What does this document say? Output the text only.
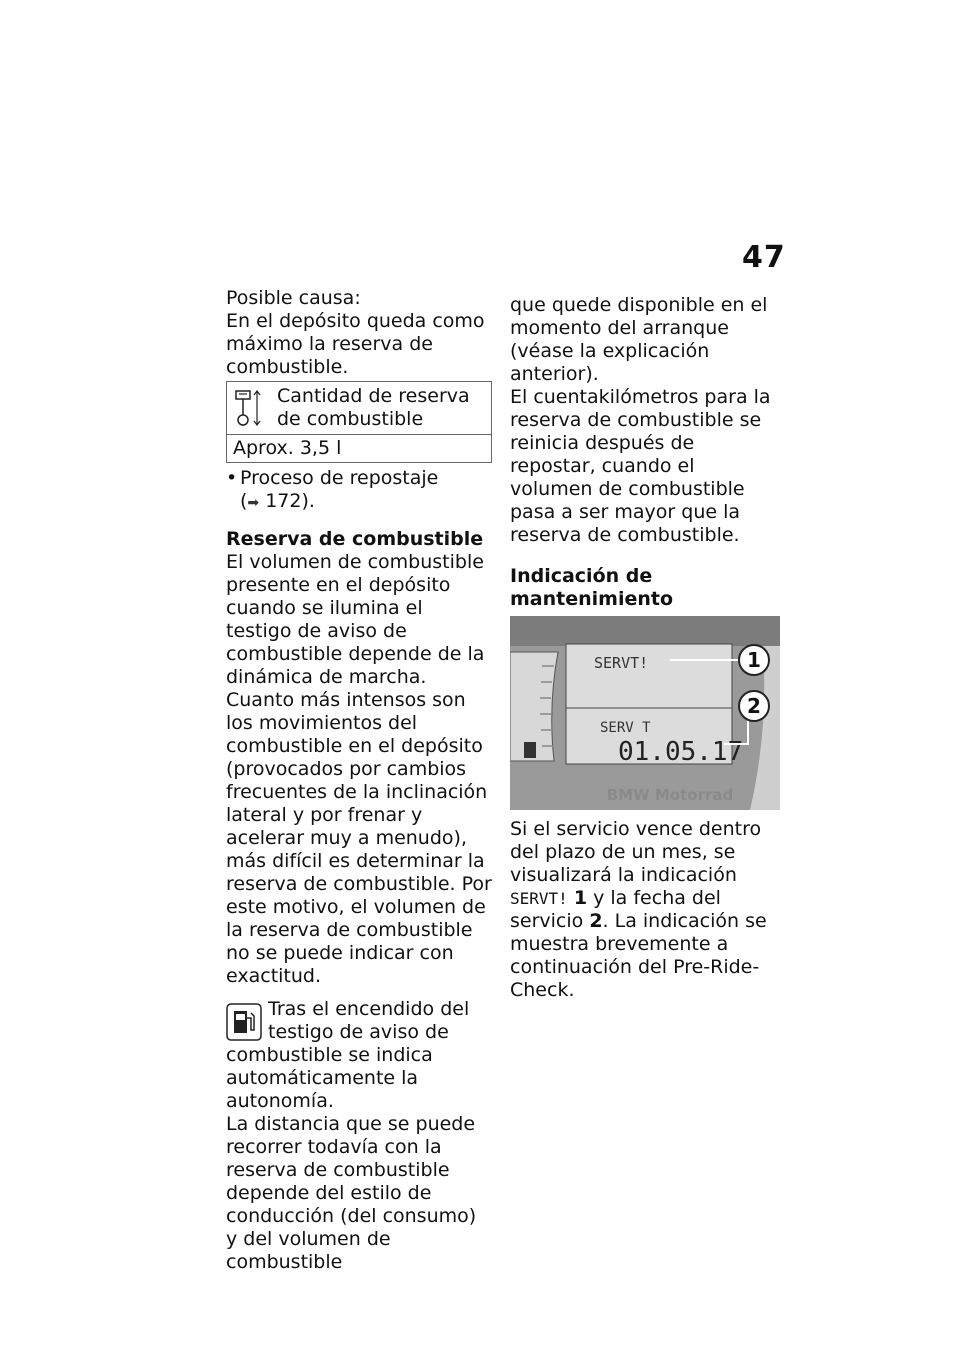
47

Posible causa:

En el depósito queda como máximo la reserva de combustible.

Cantidad de reserva de combustible
Aprox. 3,5 l
• Proceso de repostaje
(➡ 172).
Reserva de combustible

El volumen de combustible presente en el depósito cuando se ilumina el testigo de aviso de combustible depende de la dinámica de marcha. Cuanto más intensos son los movimientos del combustible en el depósito (provocados por cambios frecuentes de la inclinación lateral y por frenar y acelerar muy a menudo), más difícil es determinar la reserva de combustible. Por este motivo, el volumen de la reserva de combustible no se puede indicar con exactitud.

Tras el encendido del testigo de aviso de combustible se indica automáticamente la autonomía.

La distancia que se puede recorrer todavía con la reserva de combustible depende del estilo de conducción (del consumo) y del volumen de combustible

que quede disponible en el momento del arranque (véase la explicación anterior).

El cuentakilómetros para la reserva de combustible se reinicia después de repostar, cuando el volumen de combustible pasa a ser mayor que la reserva de combustible.

Indicación de mantenimiento
SERVT!
SERV T
01.05.17
1
2
BMW Motorrad

Si el servicio vence dentro del plazo de un mes, se visualizará la indicación SERVT! 1 y la fecha del servicio 2. La indicación se muestra brevemente a continuación del Pre-Ride-Check.
